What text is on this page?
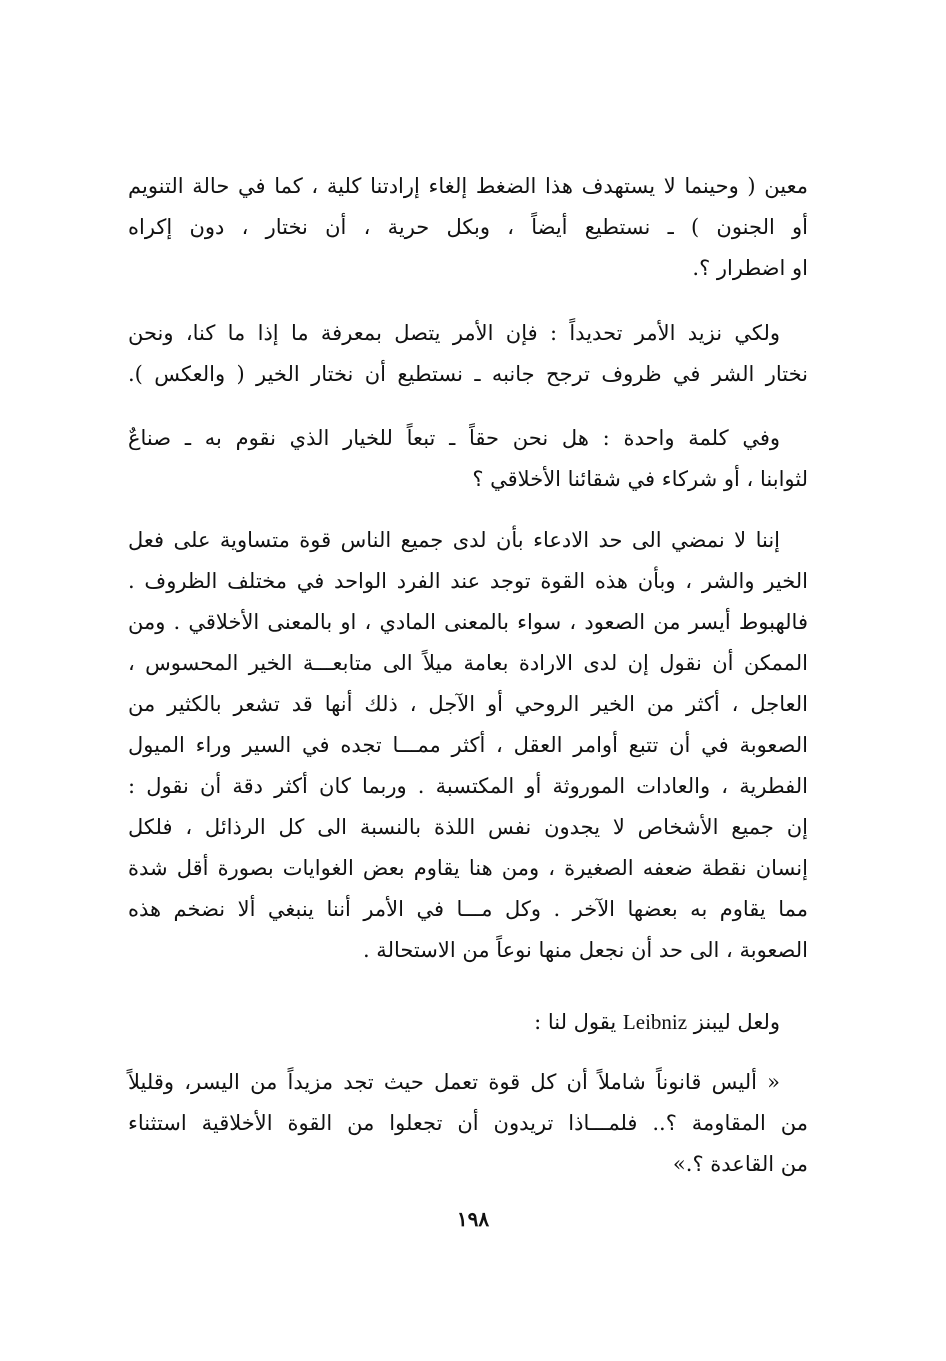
معين ( وحينما لا يستهدف هذا الضغط إلغاء إرادتنا كلية ، كما في حالة التنويم
أو الجنون ) ـ نستطيع أيضاً ، وبكل حرية ، أن نختار ، دون إكراه
او اضطرار ؟.
ولكي نزيد الأمر تحديداً : فإن الأمر يتصل بمعرفة ما إذا ما كنا، ونحن
نختار الشر في ظروف ترجح جانبه ـ نستطيع أن نختار الخير ( والعكس ).
وفي كلمة واحدة : هل نحن حقاً ـ تبعاً للخيار الذي نقوم به ـ صناعٌ
لثوابنا ، أو شركاء في شقائنا الأخلاقي ؟
إننا لا نمضي الى حد الادعاء بأن لدى جميع الناس قوة متساوية على فعل
الخير والشر ، وبأن هذه القوة توجد عند الفرد الواحد في مختلف الظروف .
فالهبوط أيسر من الصعود ، سواء بالمعنى المادي ، او بالمعنى الأخلاقي . ومن
الممكن أن نقول إن لدى الارادة بعامة ميلاً الى متابعـــة الخير المحسوس ،
العاجل ، أكثر من الخير الروحي أو الآجل ، ذلك أنها قد تشعر بالكثير من
الصعوبة في أن تتبع أوامر العقل ، أكثر ممـــا تجده في السير وراء الميول
الفطرية ، والعادات الموروثة أو المكتسبة . وربما كان أكثر دقة أن نقول :
إن جميع الأشخاص لا يجدون نفس اللذة بالنسبة الى كل الرذائل ، فلكل
إنسان نقطة ضعفه الصغيرة ، ومن هنا يقاوم بعض الغوايات بصورة أقل شدة
مما يقاوم به بعضها الآخر . وكل مـــا في الأمر أننا ينبغي ألا نضخم هذه
الصعوبة ، الى حد أن نجعل منها نوعاً من الاستحالة .
ولعل ليبنز Leibniz يقول لنا :
« أليس قانوناً شاملاً أن كل قوة تعمل حيث تجد مزيداً من اليسر، وقليلاً
من المقاومة ؟.. فلمـــاذا تريدون أن تجعلوا من القوة الأخلاقية استثناء
من القاعدة ؟.»
١٩٨
